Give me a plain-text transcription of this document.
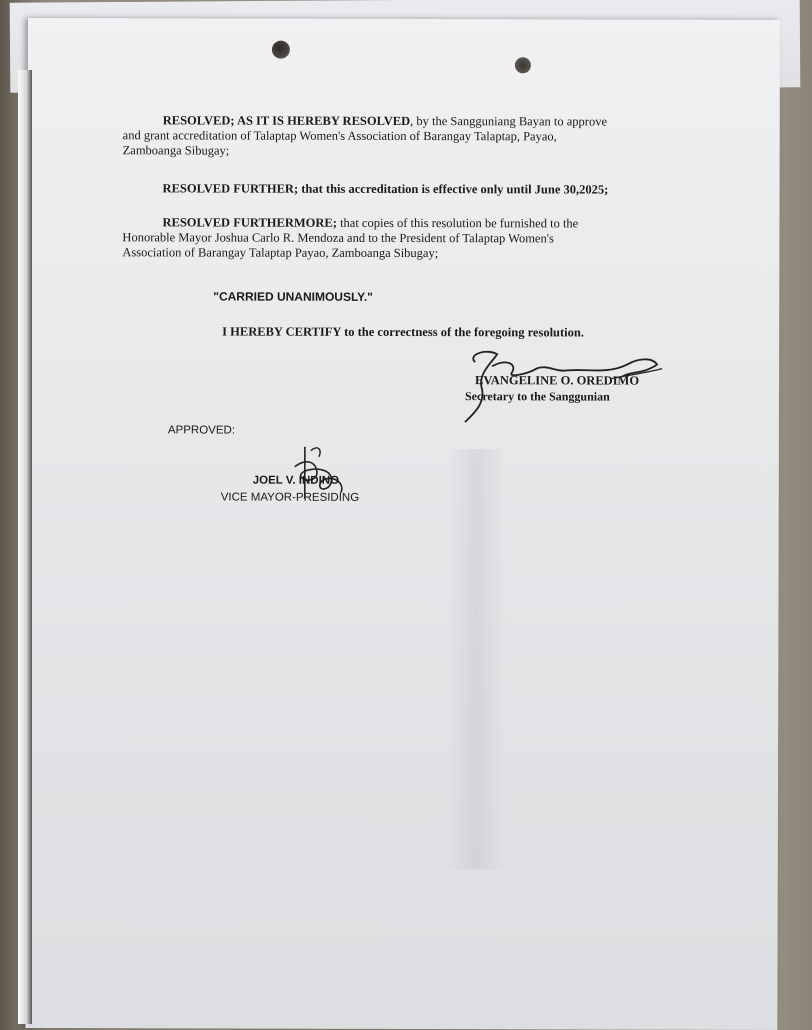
RESOLVED; AS IT IS HEREBY RESOLVED, by the Sangguniang Bayan to approve
and grant accreditation of Talaptap Women's Association of Barangay Talaptap, Payao,
Zamboanga Sibugay;
RESOLVED FURTHER; that this accreditation is effective only until June 30,2025;
RESOLVED FURTHERMORE; that copies of this resolution be furnished to the
Honorable Mayor Joshua Carlo R. Mendoza and to the President of Talaptap Women's
Association of Barangay Talaptap Payao, Zamboanga Sibugay;
"CARRIED UNANIMOUSLY."
I HEREBY CERTIFY to the correctness of the foregoing resolution.
EVANGELINE O. OREDIMO
Secretary to the Sanggunian
APPROVED:
JOEL V. INDINO
VICE MAYOR-PRESIDING
